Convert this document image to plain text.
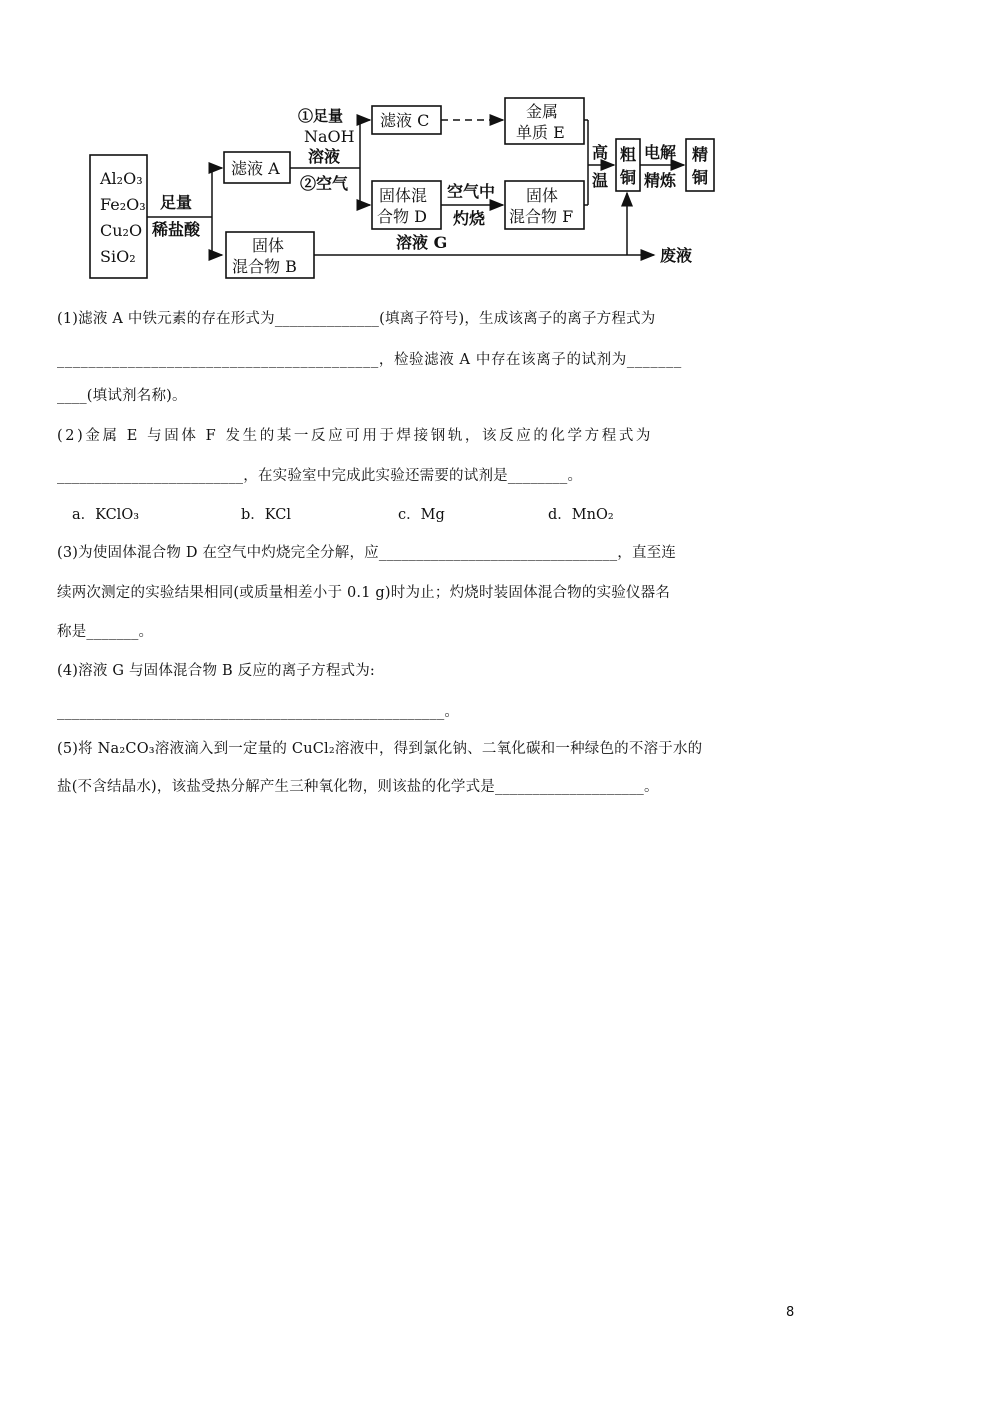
Al₂O₃
Fe₂O₃
Cu₂O
SiO₂
足量
稀盐酸
滤液 A
固体
混合物 B
①足量
NaOH
溶液
②空气
滤液 C	金属
单质 E
固体混
合物 D
空气中
灼烧
固体
混合物 F
高
温
粗
铜
电解
精炼
精
铜
溶液 G
废液
(1)滤液 A 中铁元素的存在形式为______________(填离子符号)，生成该离子的离子方程式为
_________________________________________，检验滤液 A 中存在该离子的试剂为_______
____(填试剂名称)。
(2)金属 E 与固体 F 发生的某一反应可用于焊接钢轨，该反应的化学方程式为
_________________________，在实验室中完成此实验还需要的试剂是________。
a．KClO₃	b．KCl	c．Mg	d．MnO₂
(3)为使固体混合物 D 在空气中灼烧完全分解，应________________________________，直至连
续两次测定的实验结果相同(或质量相差小于 0.1 g)时为止；灼烧时装固体混合物的实验仪器名
称是_______。
(4)溶液 G 与固体混合物 B 反应的离子方程式为:
____________________________________________________。
(5)将 Na₂CO₃溶液滴入到一定量的 CuCl₂溶液中，得到氯化钠、二氧化碳和一种绿色的不溶于水的
盐(不含结晶水)，该盐受热分解产生三种氧化物，则该盐的化学式是____________________。
8
